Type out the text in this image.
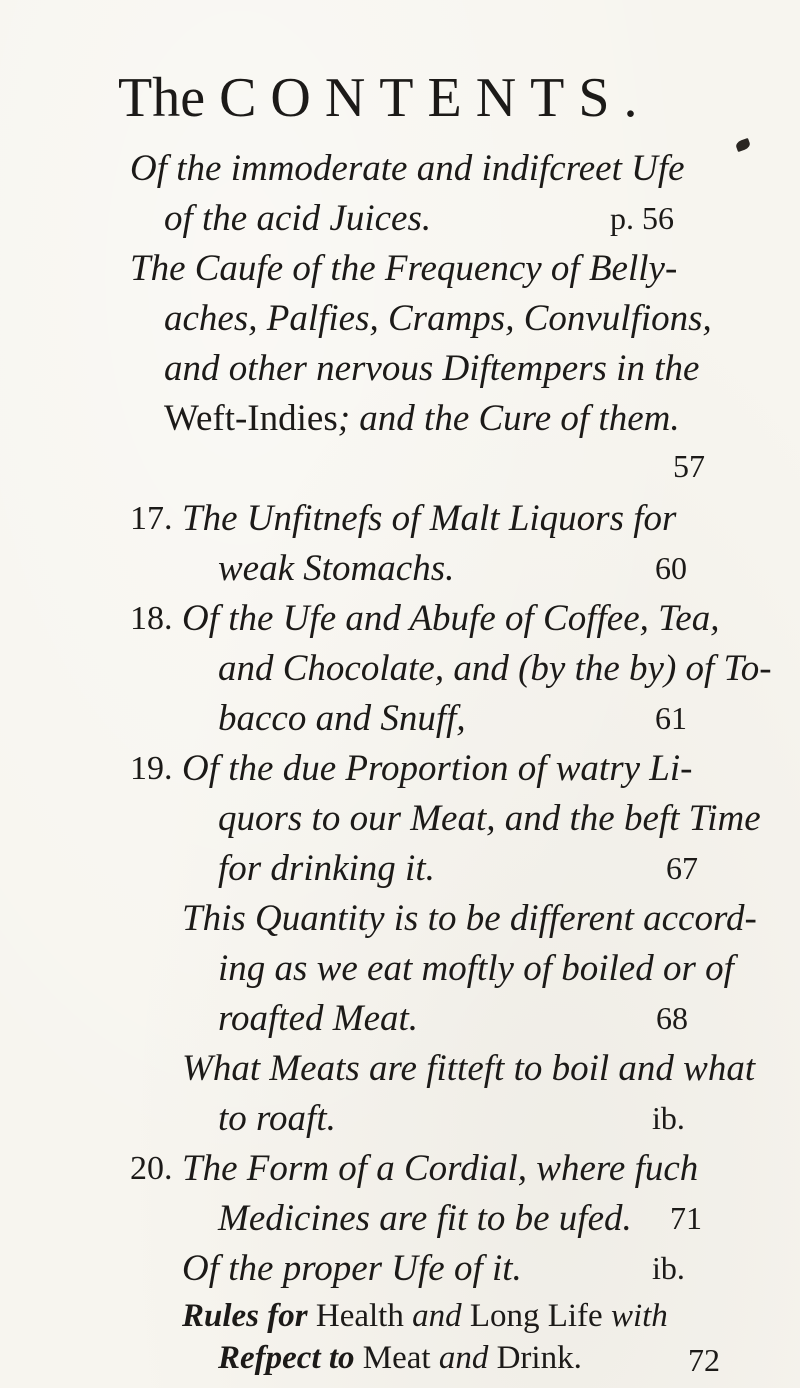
The CONTENTS.
Of the immoderate and indifcreet Ufe
of the acid Juices.	p. 56
The Caufe of the Frequency of Belly-
aches, Palfies, Cramps, Convulfions,
and other nervous Diftempers in the
Weft-Indies; and the Cure of them.
57
17. The Unfitnefs of Malt Liquors for
weak Stomachs.	60
18. Of the Ufe and Abufe of Coffee, Tea,
and Chocolate, and (by the by) of To-
bacco and Snuff,	61
19. Of the due Proportion of watry Li-
quors to our Meat, and the beft Time
for drinking it.	67
This Quantity is to be different accord-
ing as we eat moftly of boiled or of
roafted Meat.	68
What Meats are fitteft to boil and what
to roaft.	ib.
20. The Form of a Cordial, where fuch
Medicines are fit to be ufed. 71
Of the proper Ufe of it.	ib.
Rules for Health and Long Life with
Refpect to Meat and Drink.	72
